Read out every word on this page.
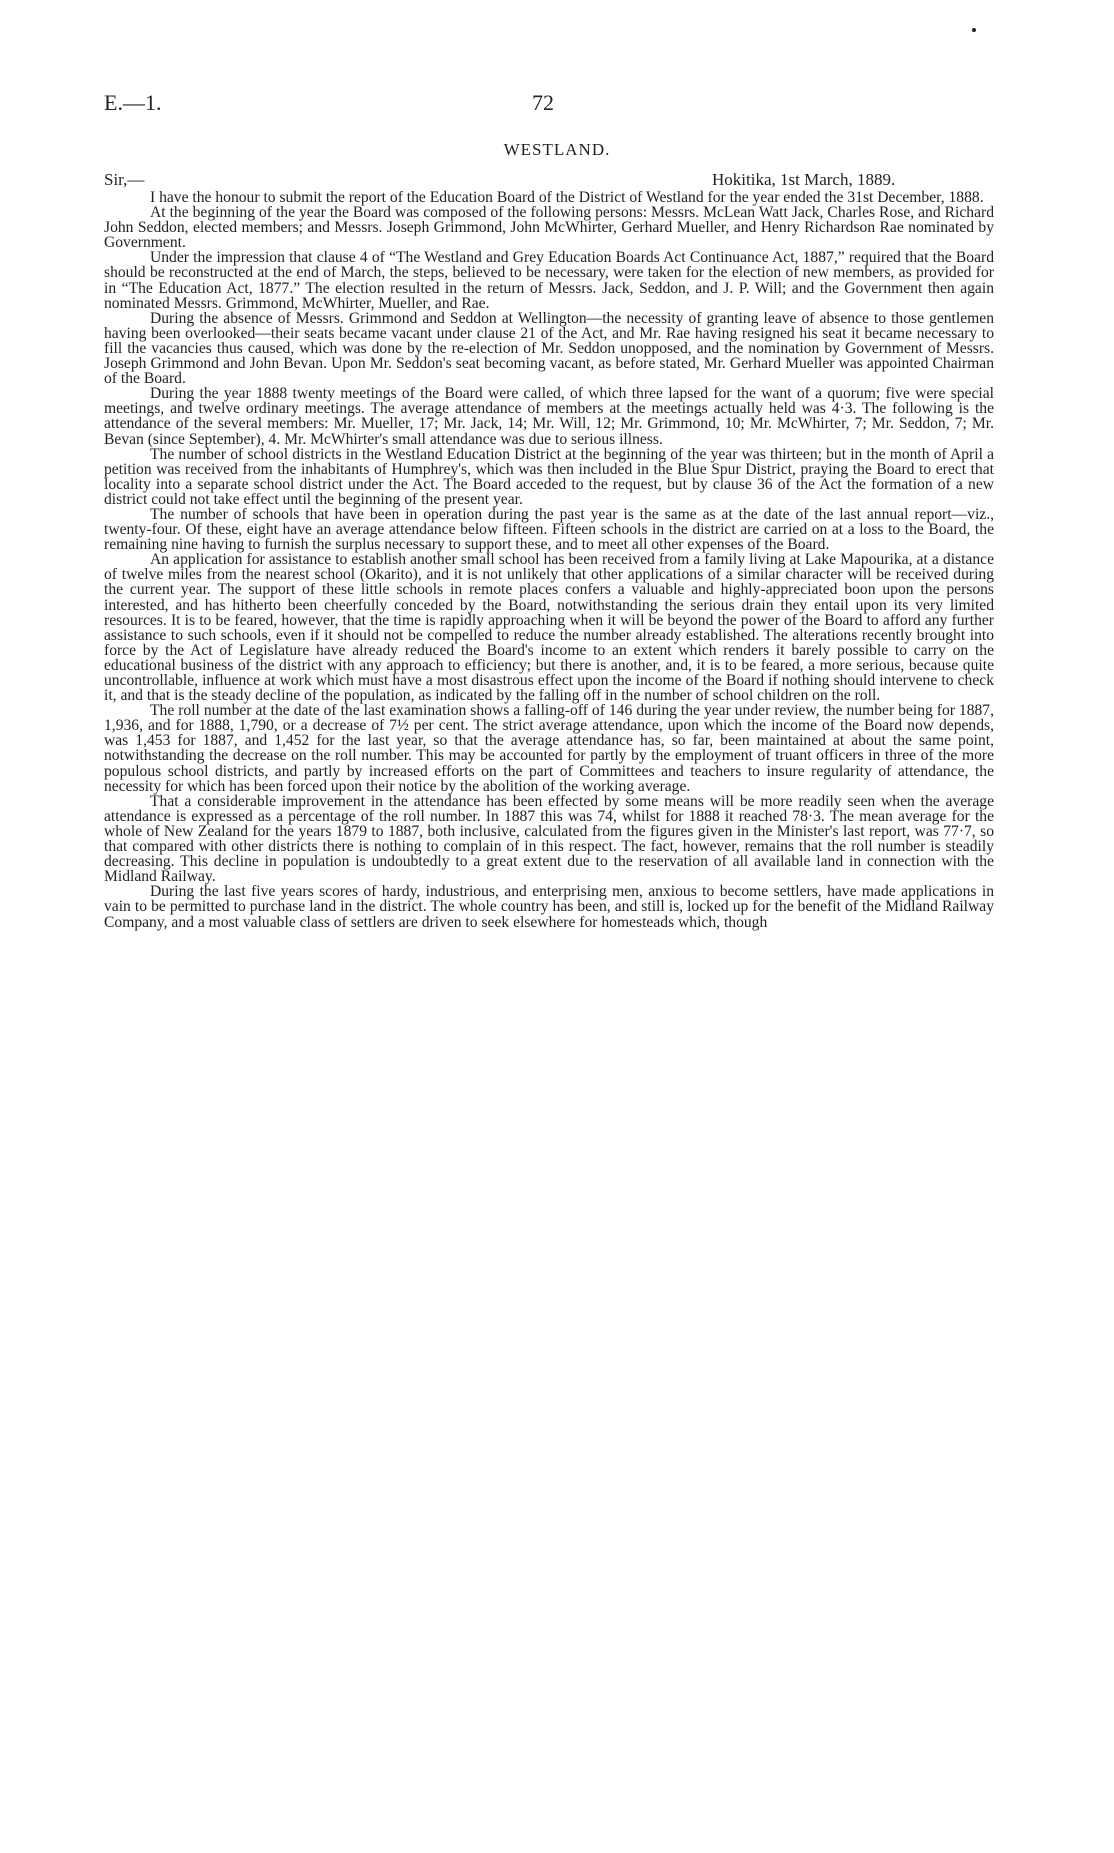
E.—1.	72
WESTLAND.
Sir,—	Hokitika, 1st March, 1889.

I have the honour to submit the report of the Education Board of the District of Westland for the year ended the 31st December, 1888.

At the beginning of the year the Board was composed of the following persons: Messrs. McLean Watt Jack, Charles Rose, and Richard John Seddon, elected members; and Messrs. Joseph Grimmond, John McWhirter, Gerhard Mueller, and Henry Richardson Rae nominated by Government.

Under the impression that clause 4 of “The Westland and Grey Education Boards Act Continuance Act, 1887,” required that the Board should be reconstructed at the end of March, the steps, believed to be necessary, were taken for the election of new members, as provided for in “The Education Act, 1877.” The election resulted in the return of Messrs. Jack, Seddon, and J. P. Will; and the Government then again nominated Messrs. Grimmond, McWhirter, Mueller, and Rae.

During the absence of Messrs. Grimmond and Seddon at Wellington—the necessity of granting leave of absence to those gentlemen having been overlooked—their seats became vacant under clause 21 of the Act, and Mr. Rae having resigned his seat it became necessary to fill the vacancies thus caused, which was done by the re-election of Mr. Seddon unopposed, and the nomination by Government of Messrs. Joseph Grimmond and John Bevan. Upon Mr. Seddon's seat becoming vacant, as before stated, Mr. Gerhard Mueller was appointed Chairman of the Board.

During the year 1888 twenty meetings of the Board were called, of which three lapsed for the want of a quorum; five were special meetings, and twelve ordinary meetings. The average attendance of members at the meetings actually held was 4·3. The following is the attendance of the several members: Mr. Mueller, 17; Mr. Jack, 14; Mr. Will, 12; Mr. Grimmond, 10; Mr. McWhirter, 7; Mr. Seddon, 7; Mr. Bevan (since September), 4. Mr. McWhirter's small attendance was due to serious illness.

The number of school districts in the Westland Education District at the beginning of the year was thirteen; but in the month of April a petition was received from the inhabitants of Humphrey's, which was then included in the Blue Spur District, praying the Board to erect that locality into a separate school district under the Act. The Board acceded to the request, but by clause 36 of the Act the formation of a new district could not take effect until the beginning of the present year.

The number of schools that have been in operation during the past year is the same as at the date of the last annual report—viz., twenty-four. Of these, eight have an average attendance below fifteen. Fifteen schools in the district are carried on at a loss to the Board, the remaining nine having to furnish the surplus necessary to support these, and to meet all other expenses of the Board.

An application for assistance to establish another small school has been received from a family living at Lake Mapourika, at a distance of twelve miles from the nearest school (Okarito), and it is not unlikely that other applications of a similar character will be received during the current year. The support of these little schools in remote places confers a valuable and highly-appreciated boon upon the persons interested, and has hitherto been cheerfully conceded by the Board, notwithstanding the serious drain they entail upon its very limited resources. It is to be feared, however, that the time is rapidly approaching when it will be beyond the power of the Board to afford any further assistance to such schools, even if it should not be compelled to reduce the number already established. The alterations recently brought into force by the Act of Legislature have already reduced the Board's income to an extent which renders it barely possible to carry on the educational business of the district with any approach to efficiency; but there is another, and, it is to be feared, a more serious, because quite uncontrollable, influence at work which must have a most disastrous effect upon the income of the Board if nothing should intervene to check it, and that is the steady decline of the population, as indicated by the falling off in the number of school children on the roll.

The roll number at the date of the last examination shows a falling-off of 146 during the year under review, the number being for 1887, 1,936, and for 1888, 1,790, or a decrease of 7½ per cent. The strict average attendance, upon which the income of the Board now depends, was 1,453 for 1887, and 1,452 for the last year, so that the average attendance has, so far, been maintained at about the same point, notwithstanding the decrease on the roll number. This may be accounted for partly by the employment of truant officers in three of the more populous school districts, and partly by increased efforts on the part of Committees and teachers to insure regularity of attendance, the necessity for which has been forced upon their notice by the abolition of the working average.

That a considerable improvement in the attendance has been effected by some means will be more readily seen when the average attendance is expressed as a percentage of the roll number. In 1887 this was 74, whilst for 1888 it reached 78·3. The mean average for the whole of New Zealand for the years 1879 to 1887, both inclusive, calculated from the figures given in the Minister's last report, was 77·7, so that compared with other districts there is nothing to complain of in this respect. The fact, however, remains that the roll number is steadily decreasing. This decline in population is undoubtedly to a great extent due to the reservation of all available land in connection with the Midland Railway.

During the last five years scores of hardy, industrious, and enterprising men, anxious to become settlers, have made applications in vain to be permitted to purchase land in the district. The whole country has been, and still is, locked up for the benefit of the Midland Railway Company, and a most valuable class of settlers are driven to seek elsewhere for homesteads which, though
